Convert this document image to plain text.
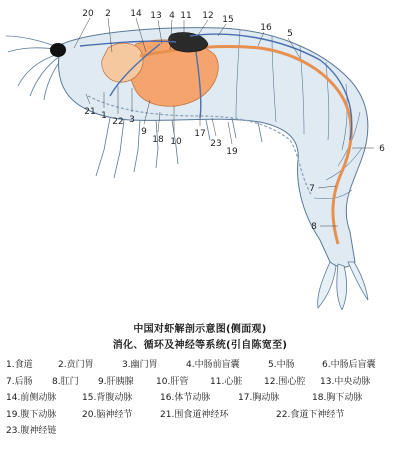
20 2 14 13 4 11 12 15
16
5
6
7
8
21 1
22 3
9
18 10
17
23
19
中国对虾解剖示意图(侧面观)
消化、循环及神经等系统(引自陈宽至)
1.食道	2.贲门胃	3.幽门胃	4.中肠前盲囊	5.中肠	6.中肠后盲囊
7.后肠	8.肛门	9.肝胰腺	10.肝管	11.心脏	12.围心腔	13.中央动脉
14.前侧动脉	15.背腹动脉	16.体节动脉	17.胸动脉	18.胸下动脉
19.腹下动脉	20.脑神经节	21.围食道神经环	22.食道下神经节
23.腹神经链
